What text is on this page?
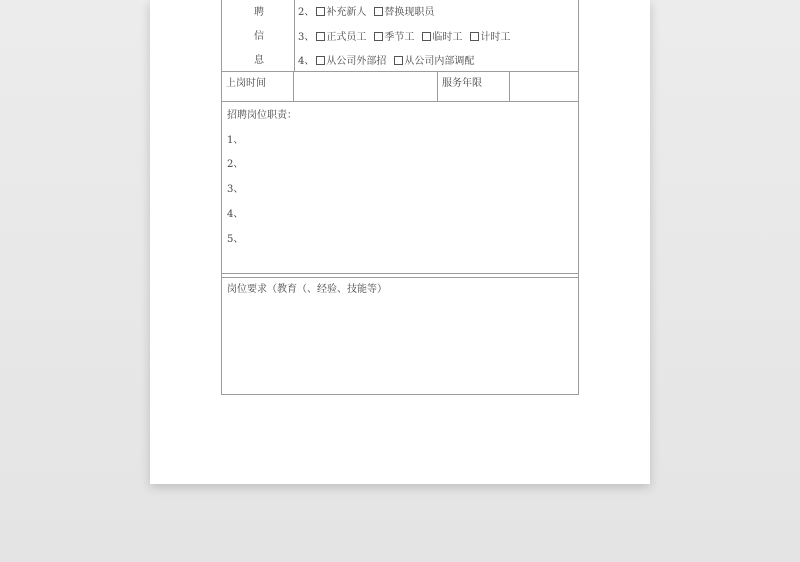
聘
信
息
2、 补充新人 替换现职员
3、 正式员工 季节工 临时工 计时工
4、 从公司外部招 从公司内部调配
上岗时间	服务年限
招聘岗位职责：
1、
2、
3、
4、
5、
岗位要求（教育（、经验、技能等）
